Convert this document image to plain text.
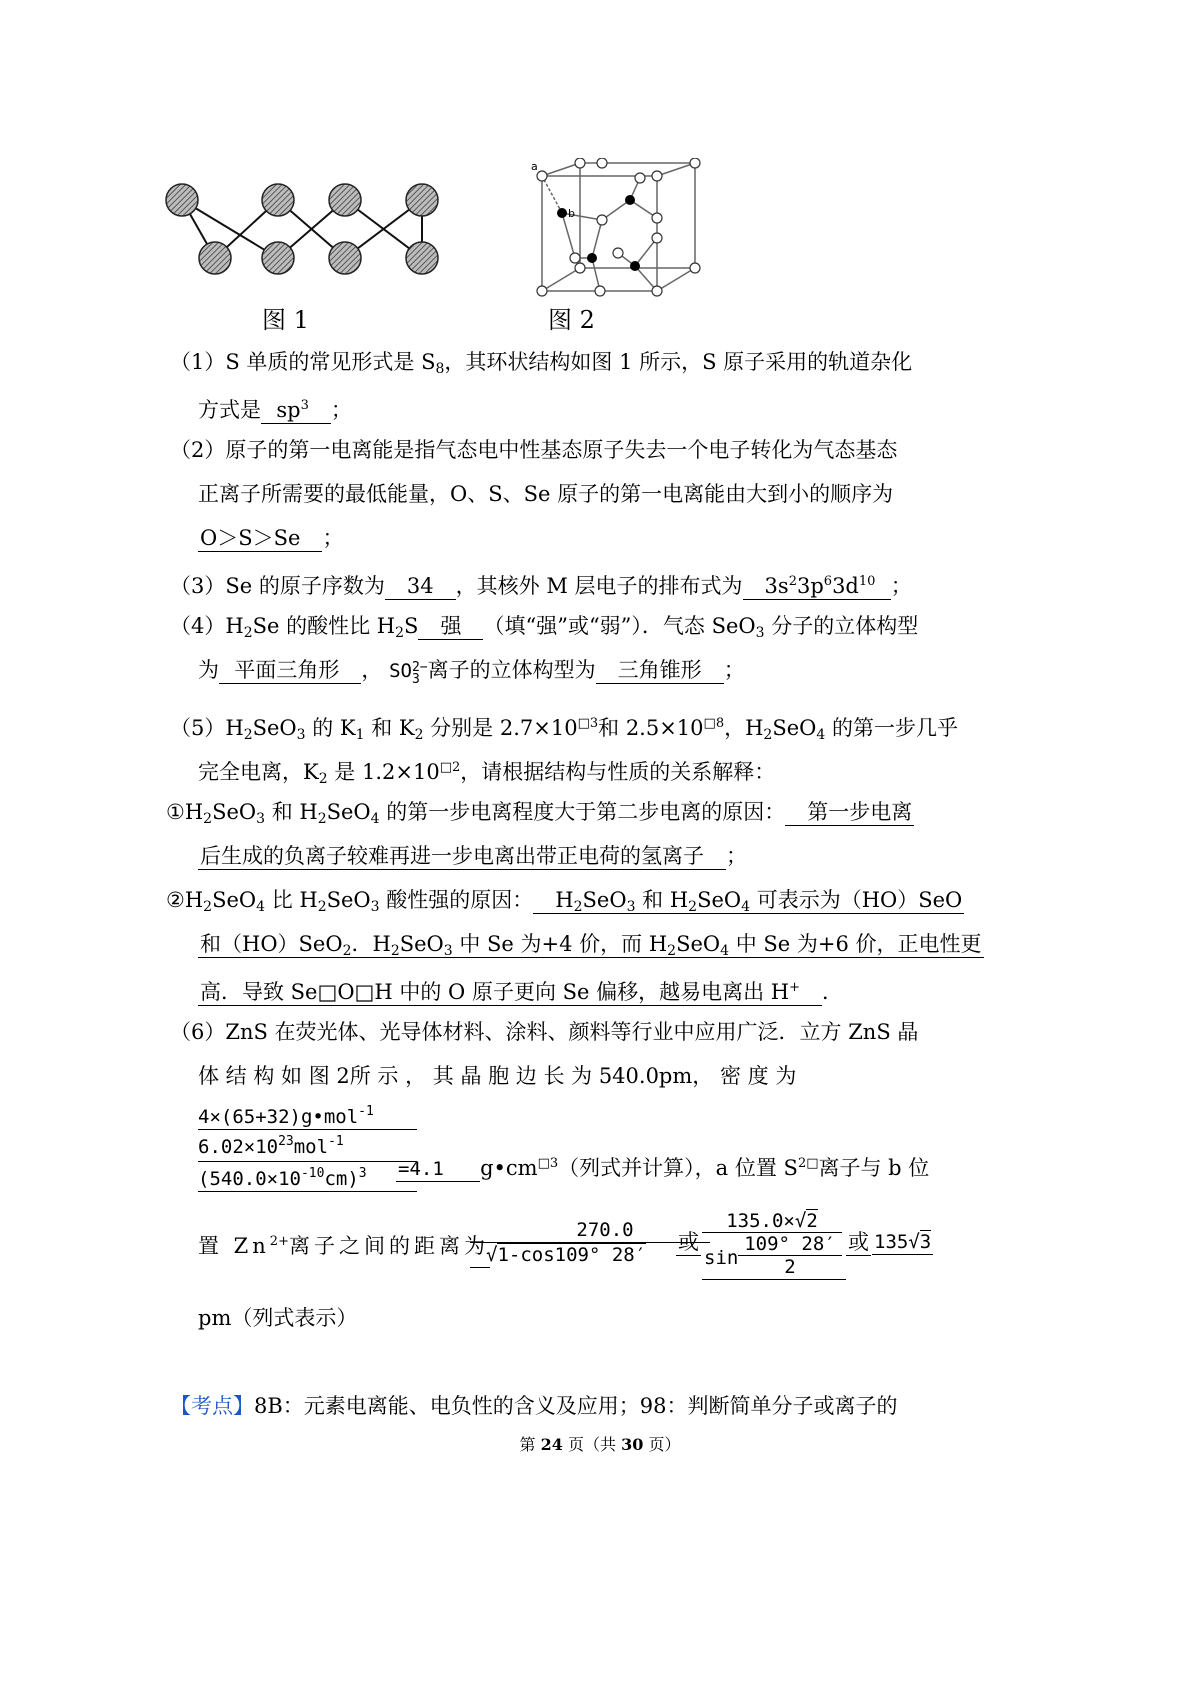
a
b
图 1	图 2
（1）S 单质的常见形式是 $S_8$，其环状结构如图 1 所示，S 原子采用的轨道杂化
方式是 $sp^3$ ；
（2）原子的第一电离能是指气态电中性基态原子失去一个电子转化为气态基态
正离子所需要的最低能量，O、S、Se 原子的第一电离能由大到小的顺序为
O＞S＞Se ；
（3）Se 的原子序数为 34 ，其核外 M 层电子的排布式为 $3s^23p^63d^{10}$ ；
$(4)H_2Se$ 的酸性比 $H_2S$ 强 （填“强”或“弱”）．气态 SeO$_3$ 分子的立体构型
为 平面三角形 ， SO 2−
3 离子的立体构型为 三角锥形 ；
$(5)H_2SeO_3$ 的 $K_1$ 和 $K_2$ 分别是 $2.7\times 10^{□3}$和 $2.5\times 10^{□8}$，$H_2SeO_4$ 的第一步几乎
完全电离，$K_2$ 是 $1.2\times 10^{□2}$，请根据结构与性质的关系解释：
$①H_2SeO_3$ 和 $H_2SeO_4$ 的第一步电离程度大于第二步电离的原因： 第一步电离
后生成的负离子较难再进一步电离出带正电荷的氢离子 ；
$②H_2SeO_4$ 比 $H_2SeO_3$ 酸性强的原因： $H_2SeO_3$ 和 $H_2SeO_4$ 可表示为（HO）SeO
和（HO）SeO$_2$．$H_2SeO_3$ 中 Se 为+4 价，而 $H_2SeO_4$ 中 Se 为+6 价，正电性更
高．导致 Se□O□H 中的 O 原子更向 Se 偏移，越易电离出 H+ ．
（6）ZnS 在荧光体、光导体材料、涂料、颜料等行业中应用广泛．立方 ZnS 晶
体 结 构 如 图 2所 示 ， 其 晶 胞 边 长 为 540.0pm， 密 度 为
4×(65+32)g•mol$^{-1}$
$6.02\times 10^{23}mol^{-1}$
$(540.0\times 10^{-10}cm)^3$	=4.1 $g•cm^{□3}$（列式并计算），a 位置 $S^{2□}$离子与 b 位
置 $Zn^{2+}$离子之间的距离为
270.0
√1-cos109° 28′
或
135.0×√2
sin
109° 28′
2
或 135√3
pm（列式表示）
【考点】8B：元素电离能、电负性的含义及应用；98：判断简单分子或离子的
第 24 页（共 30 页）
